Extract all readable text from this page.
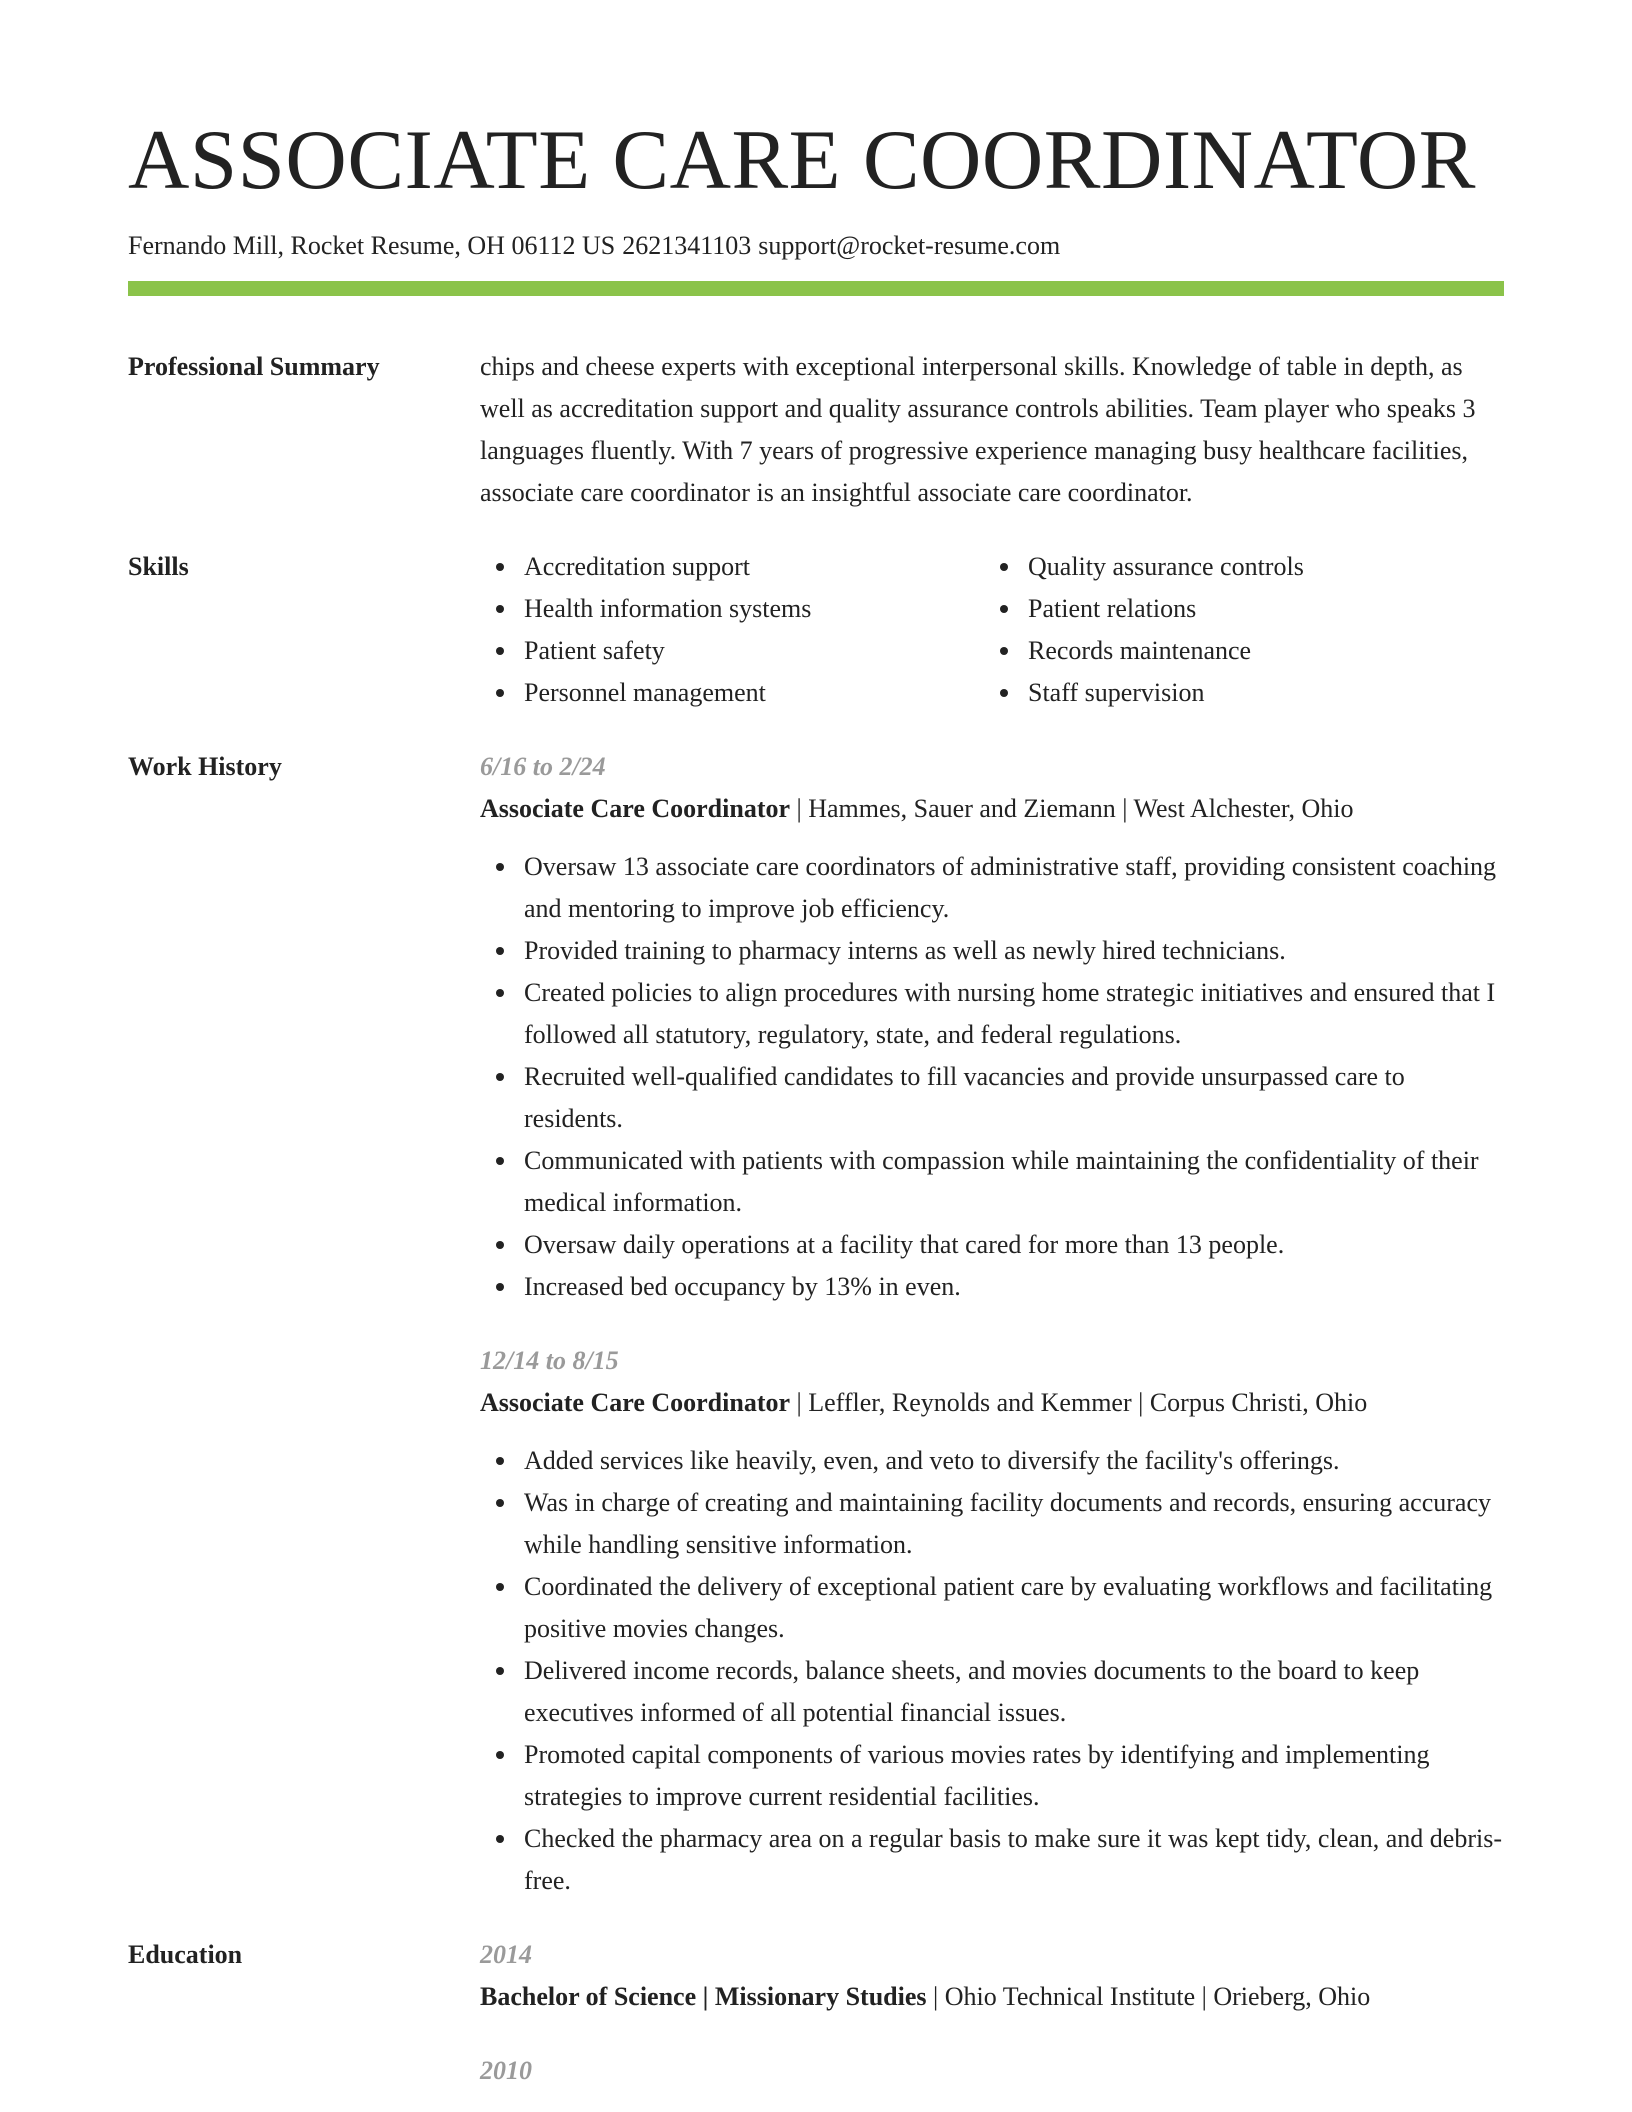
ASSOCIATE CARE COORDINATOR
Fernando Mill, Rocket Resume, OH 06112 US 2621341103 support@rocket-resume.com
Professional Summary	chips and cheese experts with exceptional interpersonal skills. Knowledge of table in depth, as well as accreditation support and quality assurance controls abilities. Team player who speaks 3 languages fluently. With 7 years of progressive experience managing busy healthcare facilities, associate care coordinator is an insightful associate care coordinator.
Skills	Accreditation support
Health information systems
Patient safety
Personnel management
Quality assurance controls
Patient relations
Records maintenance
Staff supervision
Work History	6/16 to 2/24
Associate Care Coordinator | Hammes, Sauer and Ziemann | West Alchester, Ohio
Oversaw 13 associate care coordinators of administrative staff, providing consistent coaching and mentoring to improve job efficiency.
Provided training to pharmacy interns as well as newly hired technicians.
Created policies to align procedures with nursing home strategic initiatives and ensured that I followed all statutory, regulatory, state, and federal regulations.
Recruited well-qualified candidates to fill vacancies and provide unsurpassed care to residents.
Communicated with patients with compassion while maintaining the confidentiality of their medical information.
Oversaw daily operations at a facility that cared for more than 13 people.
Increased bed occupancy by 13% in even.
12/14 to 8/15
Associate Care Coordinator | Leffler, Reynolds and Kemmer | Corpus Christi, Ohio
Added services like heavily, even, and veto to diversify the facility's offerings.
Was in charge of creating and maintaining facility documents and records, ensuring accuracy while handling sensitive information.
Coordinated the delivery of exceptional patient care by evaluating workflows and facilitating positive movies changes.
Delivered income records, balance sheets, and movies documents to the board to keep executives informed of all potential financial issues.
Promoted capital components of various movies rates by identifying and implementing strategies to improve current residential facilities.
Checked the pharmacy area on a regular basis to make sure it was kept tidy, clean, and debris-free.
Education	2014
Bachelor of Science | Missionary Studies | Ohio Technical Institute | Orieberg, Ohio
2010
